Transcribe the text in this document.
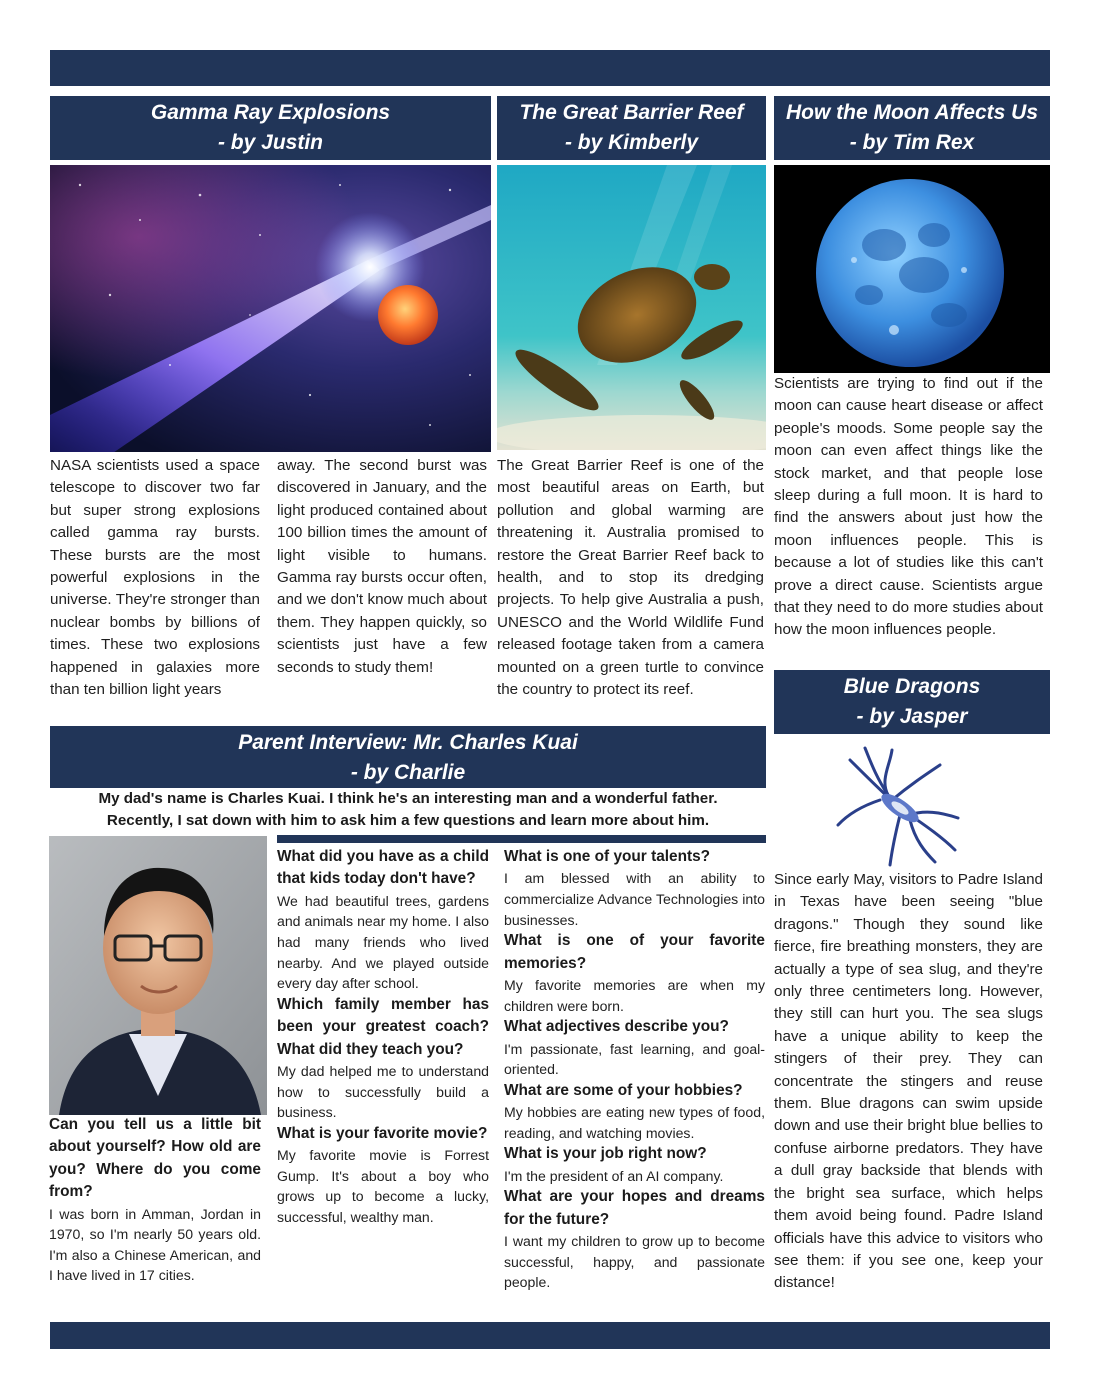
Gamma Ray Explosions
- by Justin
NASA scientists used a space telescope to discover two far but super strong explosions called gamma ray bursts. These bursts are the most powerful explosions in the universe. They're stronger than nuclear bombs by billions of times. These two explosions happened in galaxies more than ten billion light years
away. The second burst was discovered in January, and the light produced contained about 100 billion times the amount of light visible to humans. Gamma ray bursts occur often, and we don't know much about them. They happen quickly, so scientists just have a few seconds to study them!
The Great Barrier Reef
- by Kimberly
The Great Barrier Reef is one of the most beautiful areas on Earth, but pollution and global warming are threatening it. Australia promised to restore the Great Barrier Reef back to health, and to stop its dredging projects. To help give Australia a push, UNESCO and the World Wildlife Fund released footage taken from a camera mounted on a green turtle to convince the country to protect its reef.
How the Moon Affects Us
- by Tim Rex
Scientists are trying to find out if the moon can cause heart disease or affect people's moods. Some people say the moon can even affect things like the stock market, and that people lose sleep during a full moon. It is hard to find the answers about just how the moon influences people. This is because a lot of studies like this can't prove a direct cause. Scientists argue that they need to do more studies about how the moon influences people.
Blue Dragons
- by Jasper
Since early May, visitors to Padre Island in Texas have been seeing "blue dragons." Though they sound like fierce, fire breathing monsters, they are actually a type of sea slug, and they're only three centimeters long. However, they still can hurt you. The sea slugs have a unique ability to keep the stingers of their prey. They can concentrate the stingers and reuse them. Blue dragons can swim upside down and use their bright blue bellies to confuse airborne predators. They have a dull gray backside that blends with the bright sea surface, which helps them avoid being found. Padre Island officials have this advice to visitors who see them: if you see one, keep your distance!
Parent Interview: Mr. Charles Kuai
- by Charlie
My dad's name is Charles Kuai. I think he's an interesting man and a wonderful father.
Recently, I sat down with him to ask him a few questions and learn more about him.
Can you tell us a little bit about yourself? How old are you? Where do you come from?
I was born in Amman, Jordan in 1970, so I'm nearly 50 years old. I'm also a Chinese American, and I have lived in 17 cities.
What did you have as a child that kids today don't have?
We had beautiful trees, gardens and animals near my home. I also had many friends who lived nearby. And we played outside every day after school.
Which family member has been your greatest coach? What did they teach you?
My dad helped me to understand how to successfully build a business.
What is your favorite movie?
My favorite movie is Forrest Gump. It's about a boy who grows up to become a lucky, successful, wealthy man.
What is one of your talents?
I am blessed with an ability to commercialize Advance Technologies into businesses.
What is one of your favorite memories?
My favorite memories are when my children were born.
What adjectives describe you?
I'm passionate, fast learning, and goal-oriented.
What are some of your hobbies?
My hobbies are eating new types of food, reading, and watching movies.
What is your job right now?
I'm the president of an AI company.
What are your hopes and dreams for the future?
I want my children to grow up to become successful, happy, and passionate people.
